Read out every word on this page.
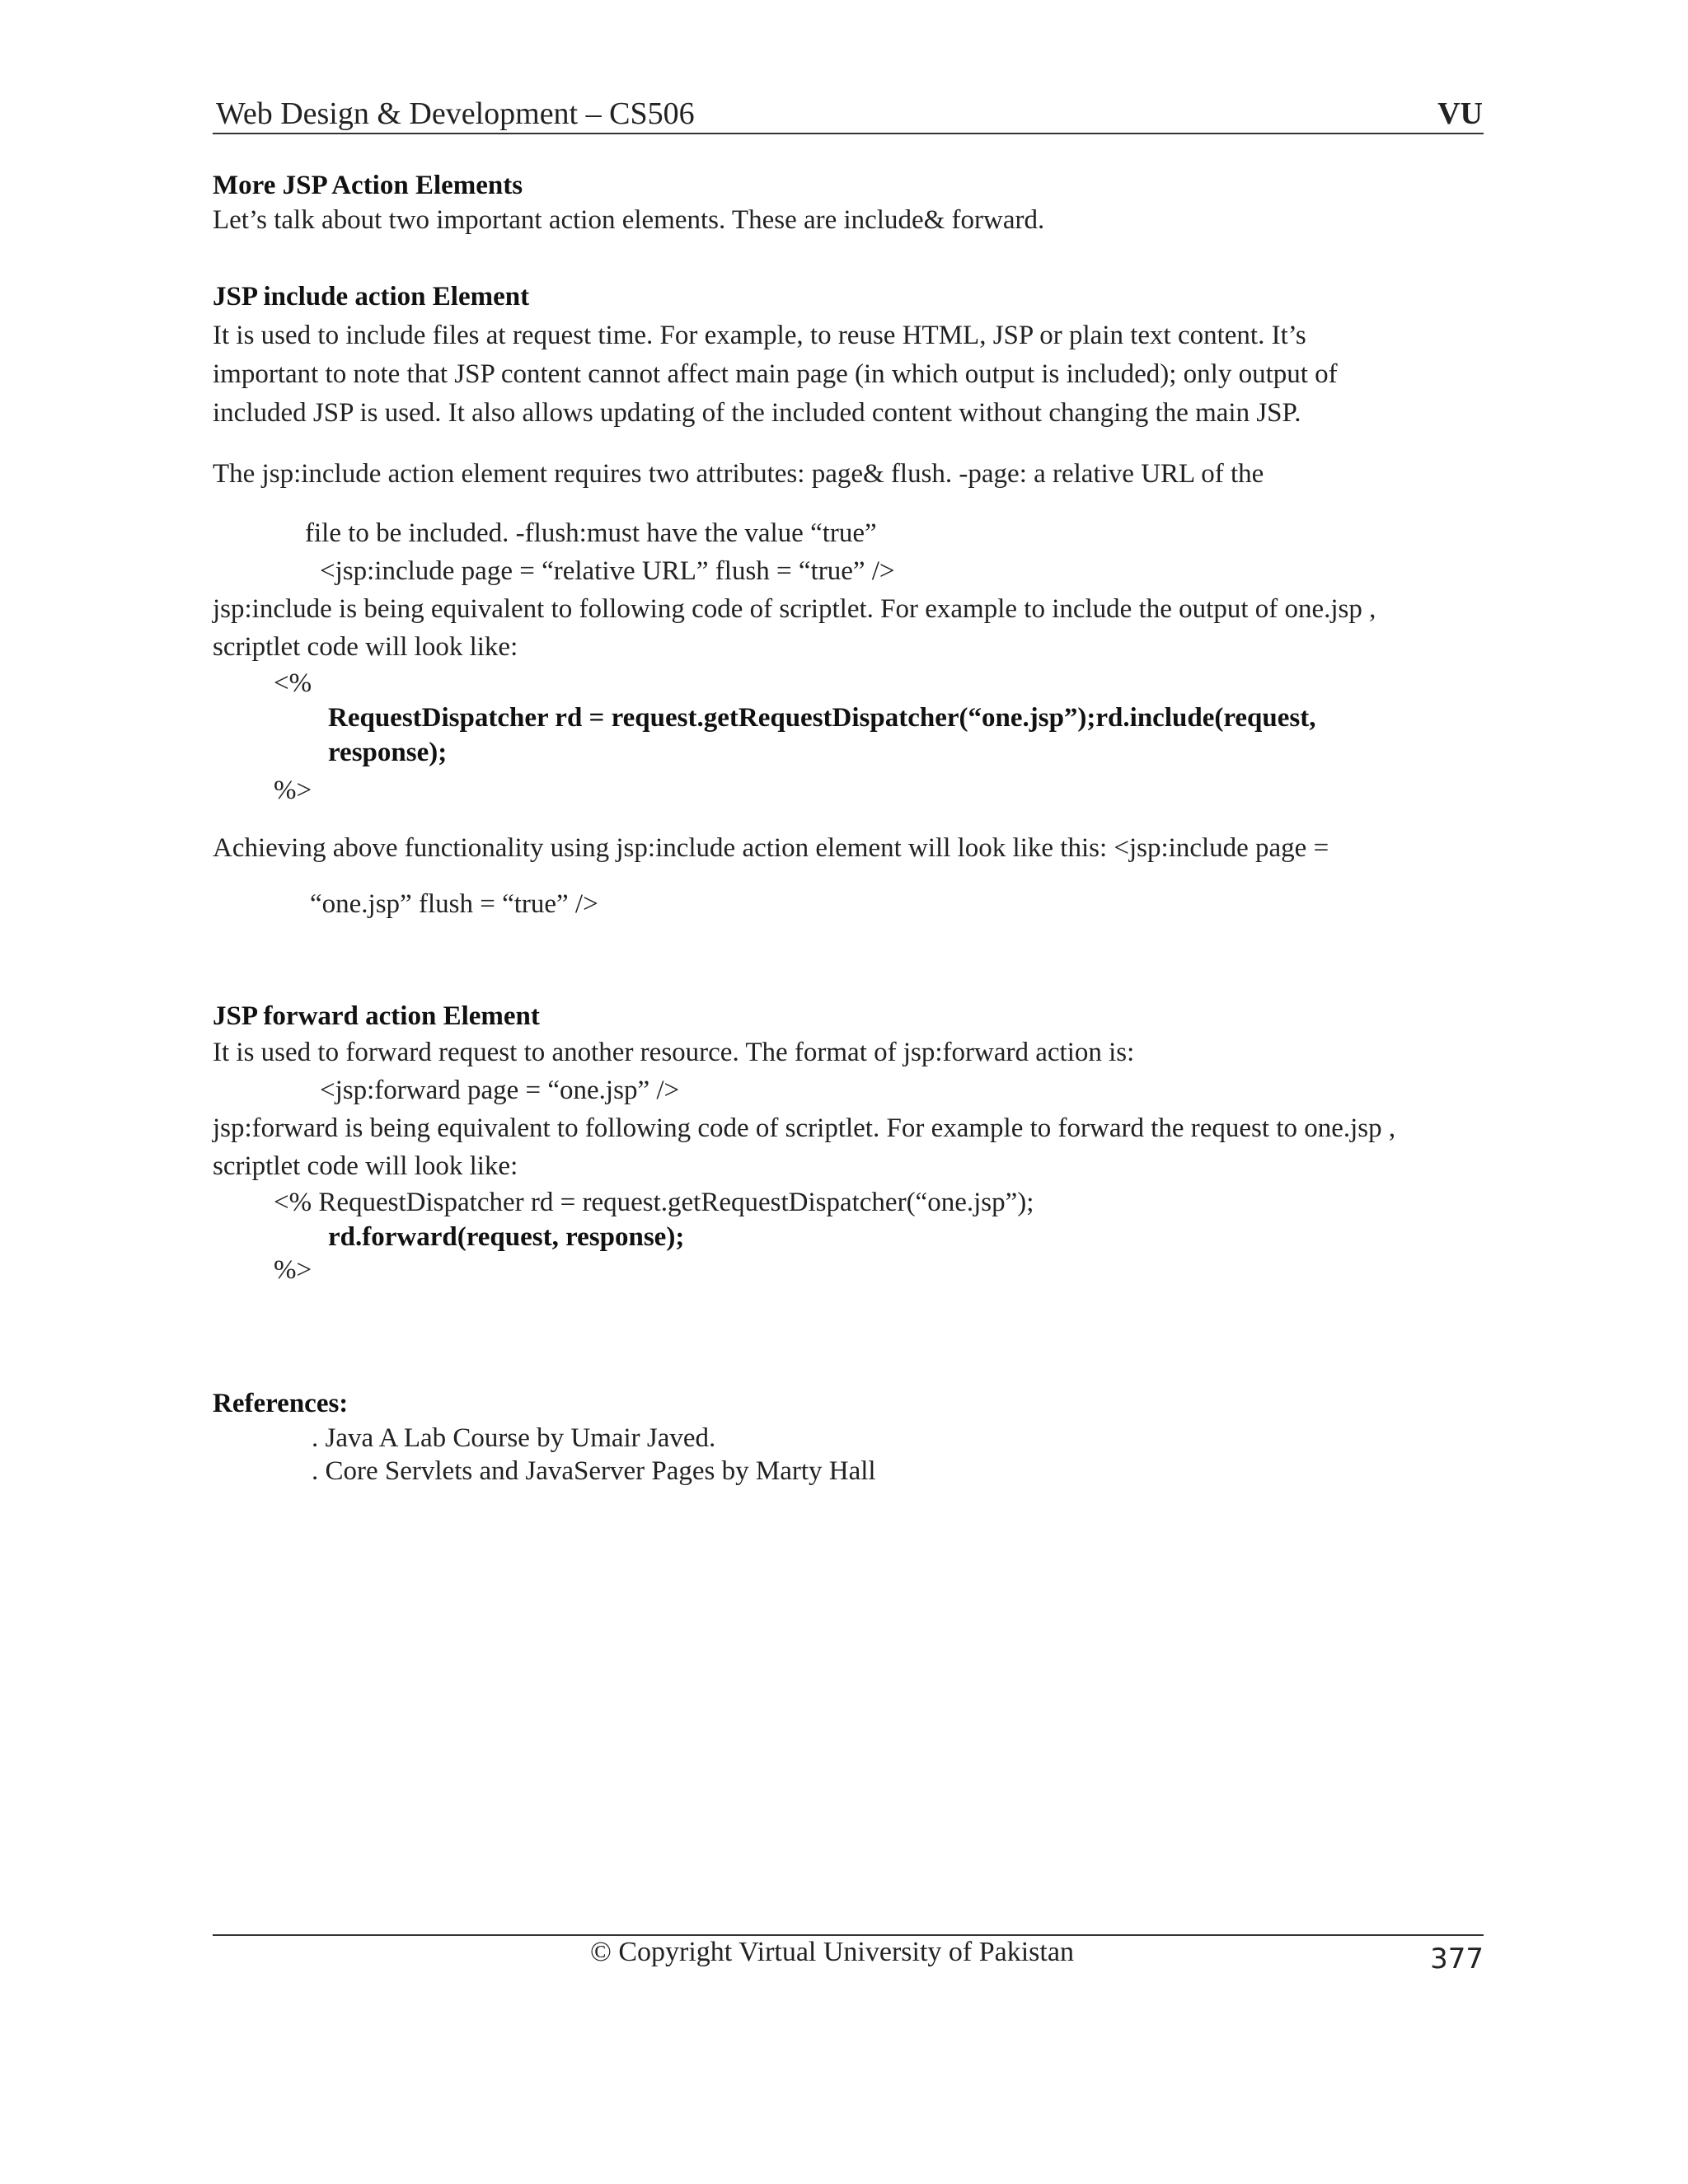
Web Design & Development – CS506	VU
More JSP Action Elements
Let’s talk about two important action elements. These are include& forward.
JSP include action Element
It is used to include files at request time. For example, to reuse HTML, JSP or plain text content. It’s
important to note that JSP content cannot affect main page (in which output is included); only output of
included JSP is used. It also allows updating of the included content without changing the main JSP.
The jsp:include action element requires two attributes: page& flush. -page: a relative URL of the
file to be included. -flush:must have the value “true”
<jsp:include page = “relative URL” flush = “true” />
jsp:include is being equivalent to following code of scriptlet. For example to include the output of one.jsp ,
scriptlet code will look like:
<%
RequestDispatcher rd = request.getRequestDispatcher(“one.jsp”);rd.include(request,
response);
%>
Achieving above functionality using jsp:include action element will look like this: <jsp:include page =
“one.jsp” flush = “true” />
JSP forward action Element
It is used to forward request to another resource. The format of jsp:forward action is:
<jsp:forward page = “one.jsp” />
jsp:forward is being equivalent to following code of scriptlet. For example to forward the request to one.jsp ,
scriptlet code will look like:
<% RequestDispatcher rd = request.getRequestDispatcher(“one.jsp”);
rd.forward(request, response);
%>
References:
. Java A Lab Course by Umair Javed.
. Core Servlets and JavaServer Pages by Marty Hall
© Copyright Virtual University of Pakistan	377
